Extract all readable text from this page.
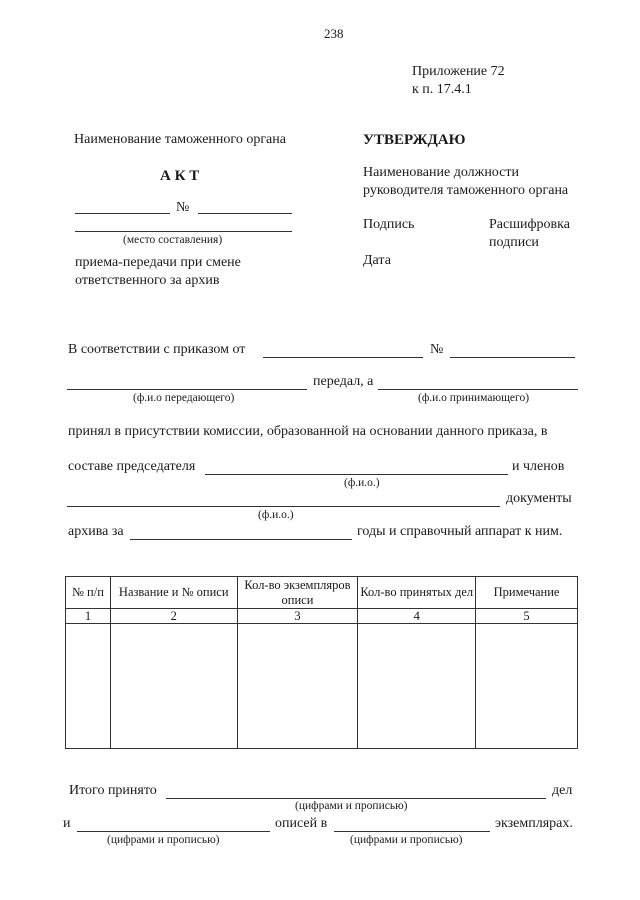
238
Приложение 72
к п. 17.4.1
Наименование таможенного органа
А К Т
№
(место составления)
приема-передачи при смене
ответственного за архив
УТВЕРЖДАЮ
Наименование должности
руководителя таможенного органа
Подпись	Расшифровка
подписи
Дата
В соответствии с приказом от	№
передал, а
(ф.и.о передающего)	(ф.и.о принимающего)
принял в присутствии комиссии, образованной на основании данного приказа, в
составе председателя	и членов
(ф.и.о.)
документы
(ф.и.о.)
архива за	годы и справочный аппарат к ним.
№ п/п	Название и № описи	Кол-во экземпляров описи	Кол-во принятых дел	Примечание
1	2	3	4	5

Итого принято	дел
(цифрами и прописью)
и	описей в	экземплярах.
(цифрами и прописью)	(цифрами и прописью)
